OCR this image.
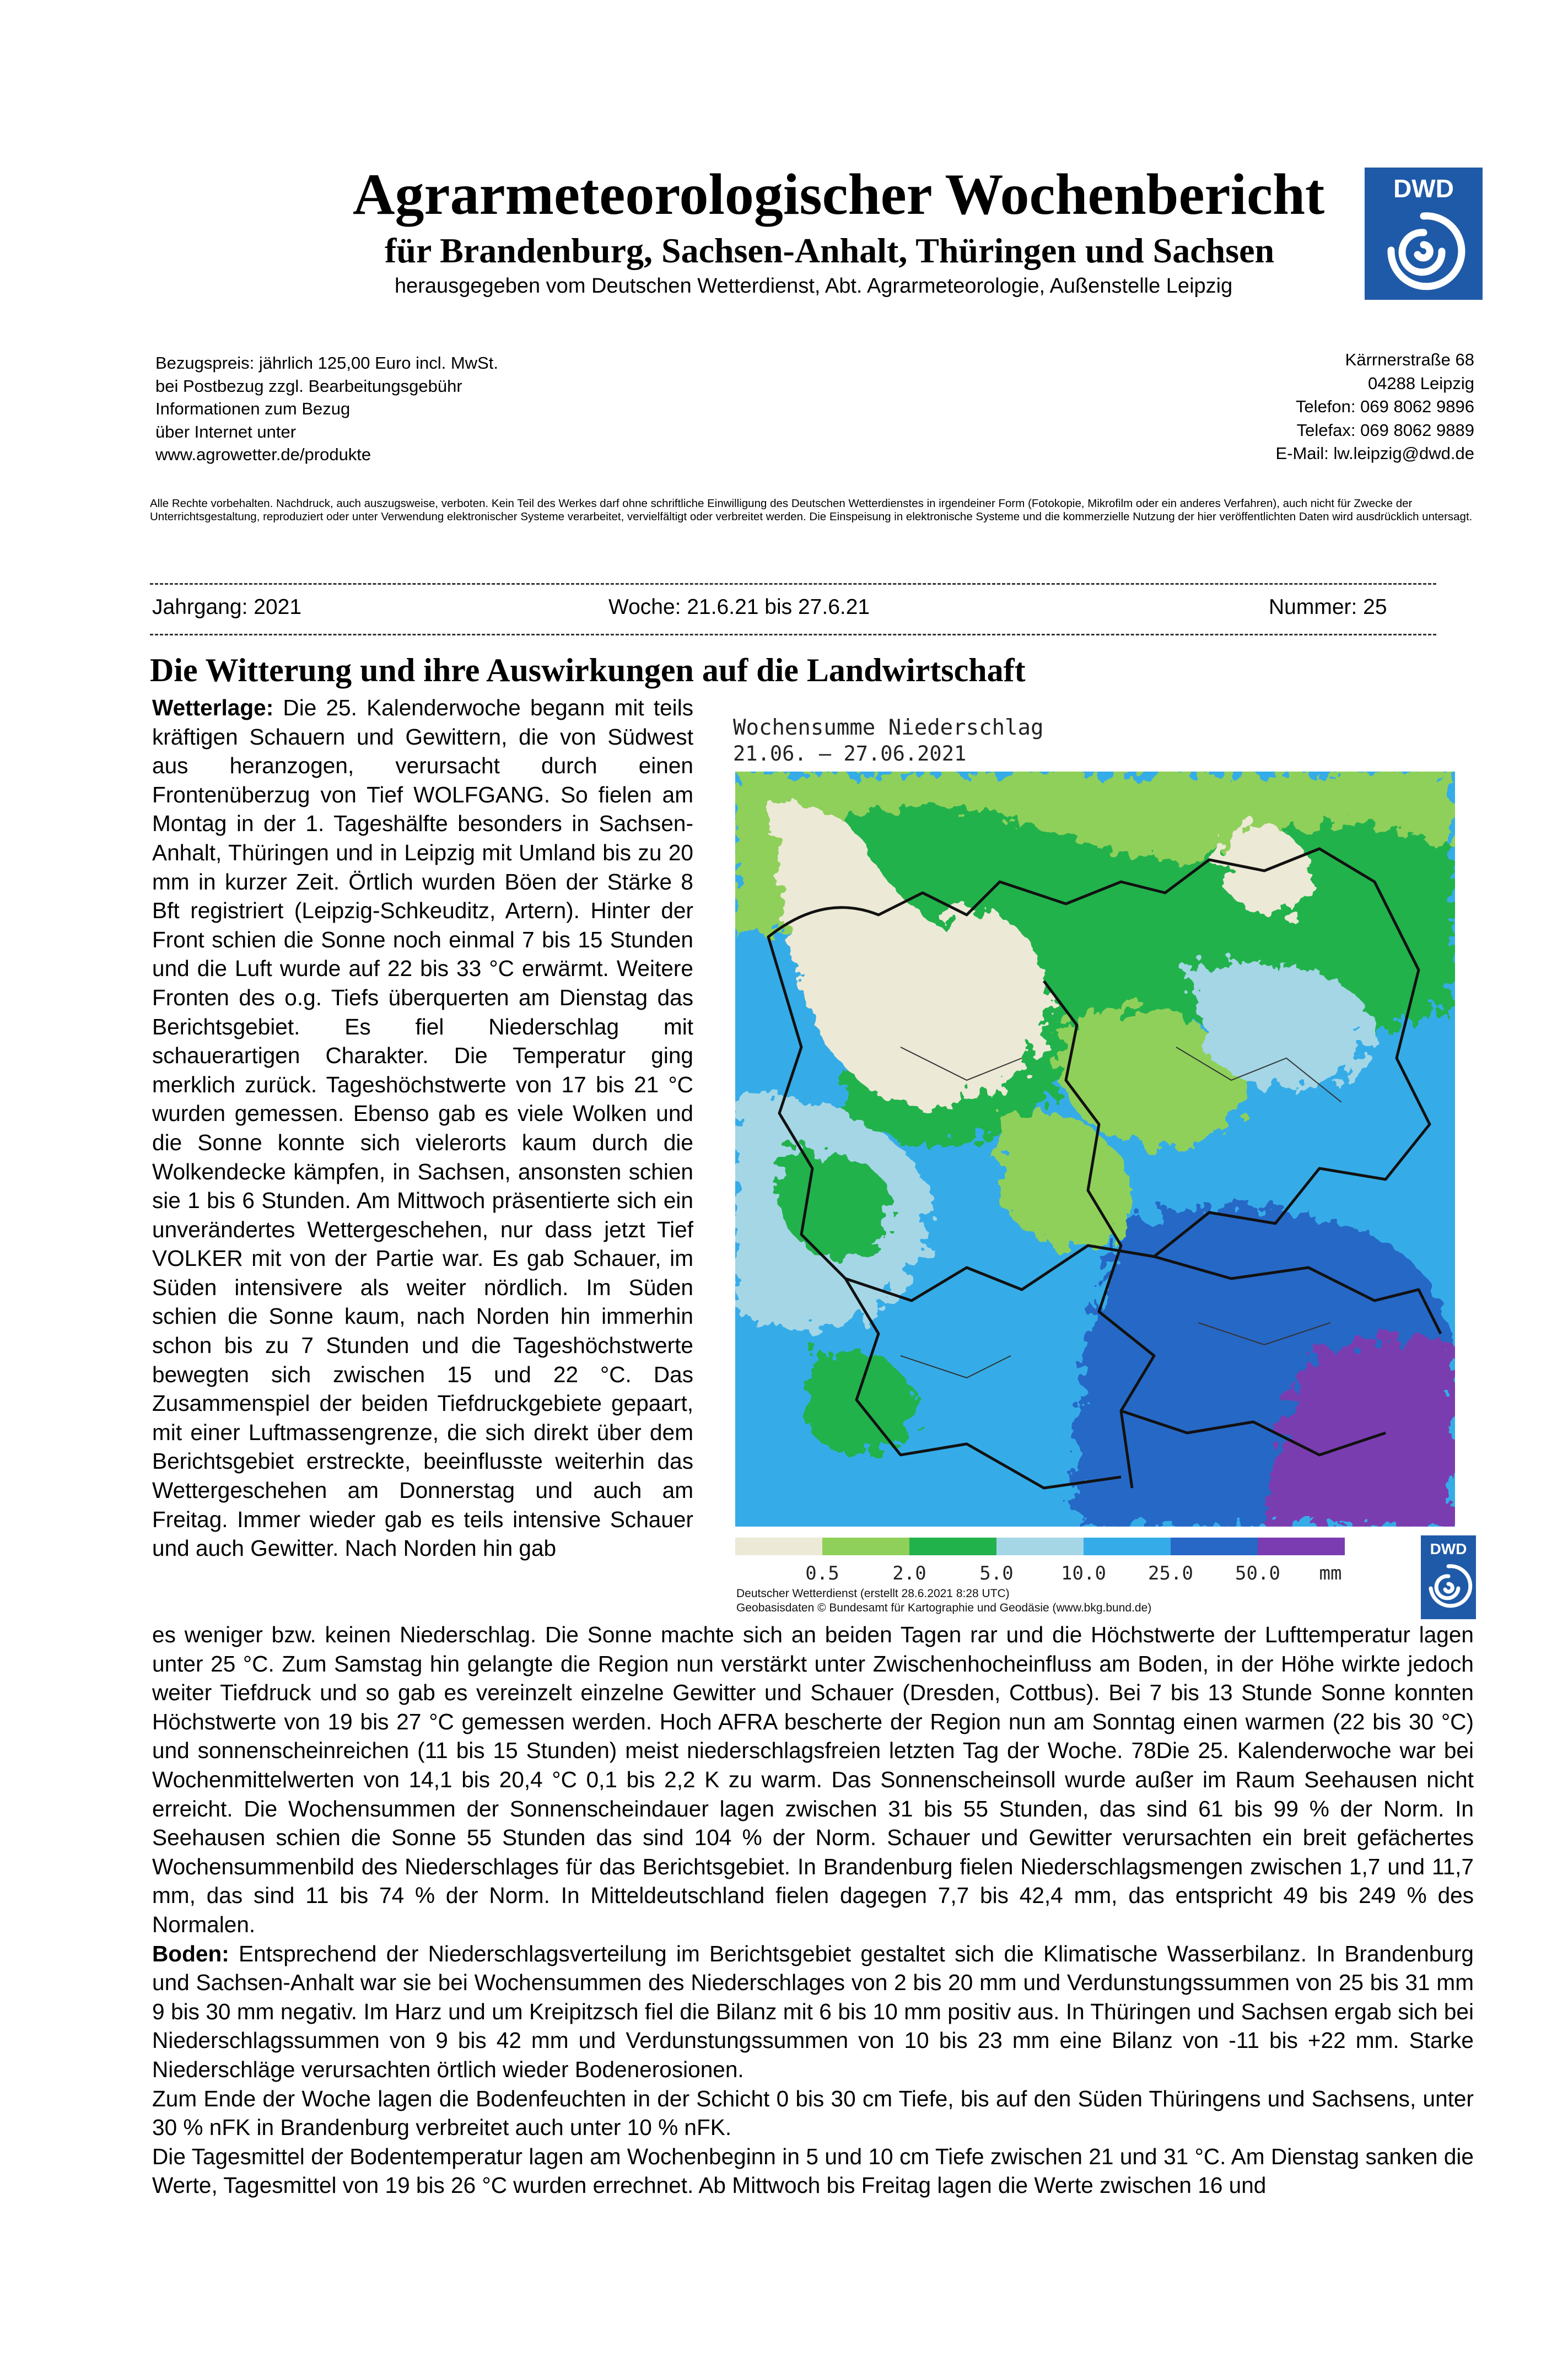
Agrarmeteorologischer Wochenbericht
für Brandenburg, Sachsen-Anhalt, Thüringen und Sachsen
herausgegeben vom Deutschen Wetterdienst, Abt. Agrarmeteorologie, Außenstelle Leipzig
DWD
Bezugspreis: jährlich 125,00 Euro incl. MwSt.
bei Postbezug zzgl. Bearbeitungsgebühr
Informationen zum Bezug
über Internet unter
www.agrowetter.de/produkte
Kärrnerstraße 68
04288 Leipzig
Telefon: 069 8062 9896
Telefax: 069 8062 9889
E-Mail: lw.leipzig@dwd.de
Alle Rechte vorbehalten. Nachdruck, auch auszugsweise, verboten. Kein Teil des Werkes darf ohne schriftliche Einwilligung des Deutschen Wetterdienstes in irgendeiner Form (Fotokopie, Mikrofilm oder ein anderes Verfahren), auch nicht für Zwecke der Unterrichtsgestaltung, reproduziert oder unter Verwendung elektronischer Systeme verarbeitet, vervielfältigt oder verbreitet werden. Die Einspeisung in elektronische Systeme und die kommerzielle Nutzung der hier veröffentlichten Daten wird ausdrücklich untersagt.
Jahrgang: 2021	Woche: 21.6.21 bis 27.6.21	Nummer: 25
Die Witterung und ihre Auswirkungen auf die Landwirtschaft

Wetterlage: Die 25. Kalenderwoche begann mit teils kräftigen Schauern und Gewittern, die von Südwest aus heranzogen, verursacht durch einen Frontenüberzug von Tief WOLFGANG. So fielen am Montag in der 1. Tageshälfte besonders in Sachsen-Anhalt, Thüringen und in Leipzig mit Umland bis zu 20 mm in kurzer Zeit. Örtlich wurden Böen der Stärke 8 Bft registriert (Leipzig-Schkeuditz, Artern). Hinter der Front schien die Sonne noch einmal 7 bis 15 Stunden und die Luft wurde auf 22 bis 33 °C erwärmt. Weitere Fronten des o.g. Tiefs überquerten am Dienstag das Berichtsgebiet. Es fiel Niederschlag mit schauerartigen Charakter. Die Temperatur ging merklich zurück. Tageshöchstwerte von 17 bis 21 °C wurden gemessen. Ebenso gab es viele Wolken und die Sonne konnte sich vielerorts kaum durch die Wolkendecke kämpfen, in Sachsen, ansonsten schien sie 1 bis 6 Stunden. Am Mittwoch präsentierte sich ein unverändertes Wettergeschehen, nur dass jetzt Tief VOLKER mit von der Partie war. Es gab Schauer, im Süden intensivere als weiter nördlich. Im Süden schien die Sonne kaum, nach Norden hin immerhin schon bis zu 7 Stunden und die Tageshöchstwerte bewegten sich zwischen 15 und 22 °C. Das Zusammenspiel der beiden Tiefdruckgebiete gepaart, mit einer Luftmassengrenze, die sich direkt über dem Berichtsgebiet erstreckte, beeinflusste weiterhin das Wettergeschehen am Donnerstag und auch am Freitag. Immer wieder gab es teils intensive Schauer und auch Gewitter. Nach Norden hin gab

Wochensumme Niederschlag
21.06. – 27.06.2021
0.5	2.0	5.0	10.0 25.0 50.0 mm
Deutscher Wetterdienst (erstellt 28.6.2021 8:28 UTC)
Geobasisdaten © Bundesamt für Kartographie und Geodäsie (www.bkg.bund.de)
DWD

es weniger bzw. keinen Niederschlag. Die Sonne machte sich an beiden Tagen rar und die Höchstwerte der Lufttemperatur lagen unter 25 °C. Zum Samstag hin gelangte die Region nun verstärkt unter Zwischenhocheinfluss am Boden, in der Höhe wirkte jedoch weiter Tiefdruck und so gab es vereinzelt einzelne Gewitter und Schauer (Dresden, Cottbus). Bei 7 bis 13 Stunde Sonne konnten Höchstwerte von 19 bis 27 °C gemessen werden. Hoch AFRA bescherte der Region nun am Sonntag einen warmen (22 bis 30 °C) und sonnenscheinreichen (11 bis 15 Stunden) meist niederschlagsfreien letzten Tag der Woche. 78Die 25. Kalenderwoche war bei Wochenmittelwerten von 14,1 bis 20,4 °C 0,1 bis 2,2 K zu warm. Das Sonnenscheinsoll wurde außer im Raum Seehausen nicht erreicht. Die Wochensummen der Sonnenscheindauer lagen zwischen 31 bis 55 Stunden, das sind 61 bis 99 % der Norm. In Seehausen schien die Sonne 55 Stunden das sind 104 % der Norm. Schauer und Gewitter verursachten ein breit gefächertes Wochensummenbild des Niederschlages für das Berichtsgebiet. In Brandenburg fielen Niederschlagsmengen zwischen 1,7 und 11,7 mm, das sind 11 bis 74 % der Norm. In Mitteldeutschland fielen dagegen 7,7 bis 42,4 mm, das entspricht 49 bis 249 % des Normalen.

Boden: Entsprechend der Niederschlagsverteilung im Berichtsgebiet gestaltet sich die Klimatische Wasserbilanz. In Brandenburg und Sachsen-Anhalt war sie bei Wochensummen des Niederschlages von 2 bis 20 mm und Verdunstungssummen von 25 bis 31 mm 9 bis 30 mm negativ. Im Harz und um Kreipitzsch fiel die Bilanz mit 6 bis 10 mm positiv aus. In Thüringen und Sachsen ergab sich bei Niederschlagssummen von 9 bis 42 mm und Verdunstungssummen von 10 bis 23 mm eine Bilanz von -11 bis +22 mm. Starke Niederschläge verursachten örtlich wieder Bodenerosionen.

Zum Ende der Woche lagen die Bodenfeuchten in der Schicht 0 bis 30 cm Tiefe, bis auf den Süden Thüringens und Sachsens, unter 30 % nFK in Brandenburg verbreitet auch unter 10 % nFK.

Die Tagesmittel der Bodentemperatur lagen am Wochenbeginn in 5 und 10 cm Tiefe zwischen 21 und 31 °C. Am Dienstag sanken die Werte, Tagesmittel von 19 bis 26 °C wurden errechnet. Ab Mittwoch bis Freitag lagen die Werte zwischen 16 und
